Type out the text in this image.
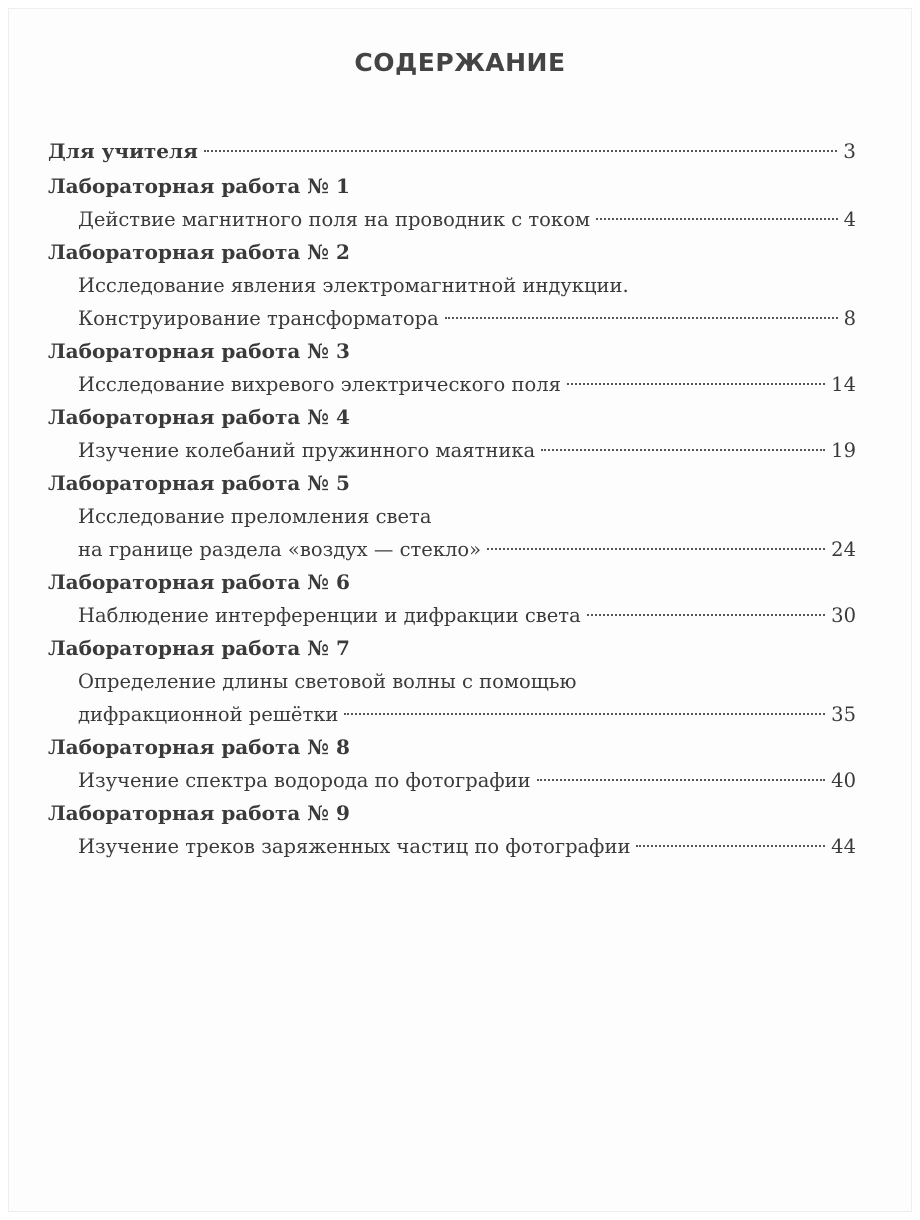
СОДЕРЖАНИЕ
Для учителя	3
Лабораторная работа № 1
Действие магнитного поля на проводник с током	4
Лабораторная работа № 2
Исследование явления электромагнитной индукции.
Конструирование трансформатора	8
Лабораторная работа № 3
Исследование вихревого электрического поля	14
Лабораторная работа № 4
Изучение колебаний пружинного маятника	19
Лабораторная работа № 5
Исследование преломления света
на границе раздела «воздух — стекло»	24
Лабораторная работа № 6
Наблюдение интерференции и дифракции света	30
Лабораторная работа № 7
Определение длины световой волны с помощью
дифракционной решётки	35
Лабораторная работа № 8
Изучение спектра водорода по фотографии	40
Лабораторная работа № 9
Изучение треков заряженных частиц по фотографии	44
